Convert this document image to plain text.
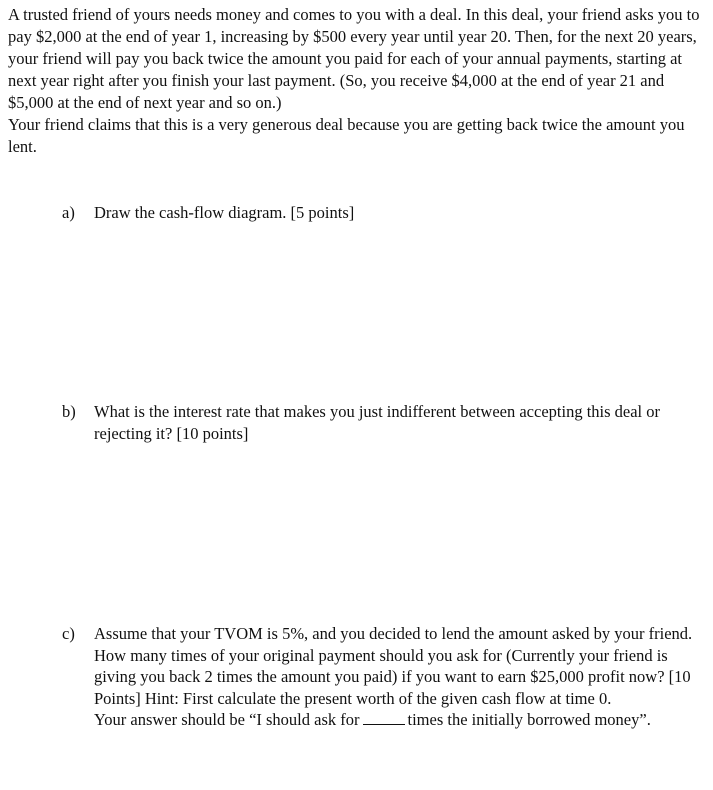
A trusted friend of yours needs money and comes to you with a deal. In this deal, your friend asks you to pay $2,000 at the end of year 1, increasing by $500 every year until year 20. Then, for the next 20 years, your friend will pay you back twice the amount you paid for each of your annual payments, starting at next year right after you finish your last payment. (So, you receive $4,000 at the end of year 21 and $5,000 at the end of next year and so on.)

Your friend claims that this is a very generous deal because you are getting back twice the amount you lent.

a)	Draw the cash-flow diagram. [5 points]
b)	What is the interest rate that makes you just indifferent between accepting this deal or rejecting it? [10 points]
c)	Assume that your TVOM is 5%, and you decided to lend the amount asked by your friend. How many times of your original payment should you ask for (Currently your friend is giving you back 2 times the amount you paid) if you want to earn $25,000 profit now? [10 Points] Hint: First calculate the present worth of the given cash flow at time 0.
Your answer should be “I should ask for	times the initially borrowed money”.
